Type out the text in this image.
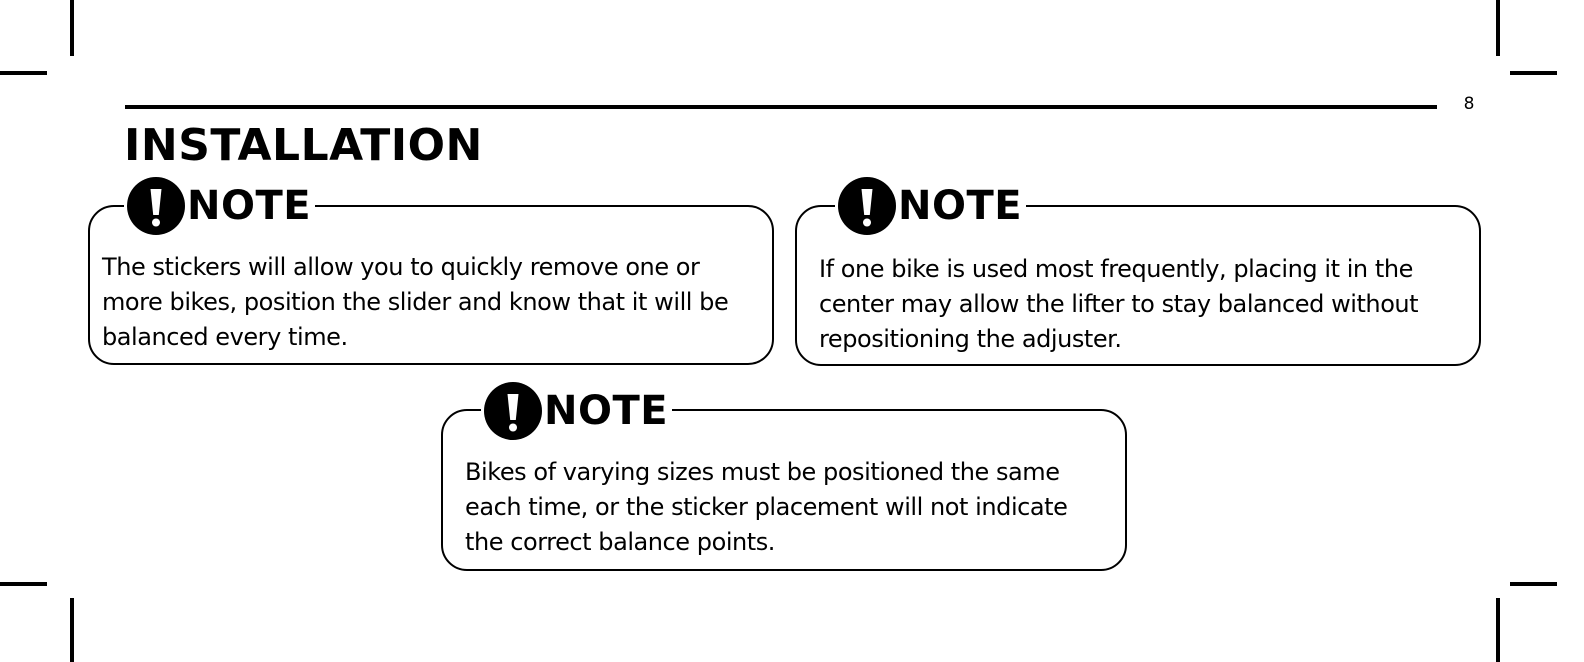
8
INSTALLATION
NOTE

The stickers will allow you to quickly remove one or
more bikes, position the slider and know that it will be
balanced every time.

NOTE

If one bike is used most frequently, placing it in the
center may allow the lifter to stay balanced without
repositioning the adjuster.

NOTE

Bikes of varying sizes must be positioned the same
each time, or the sticker placement will not indicate
the correct balance points.
